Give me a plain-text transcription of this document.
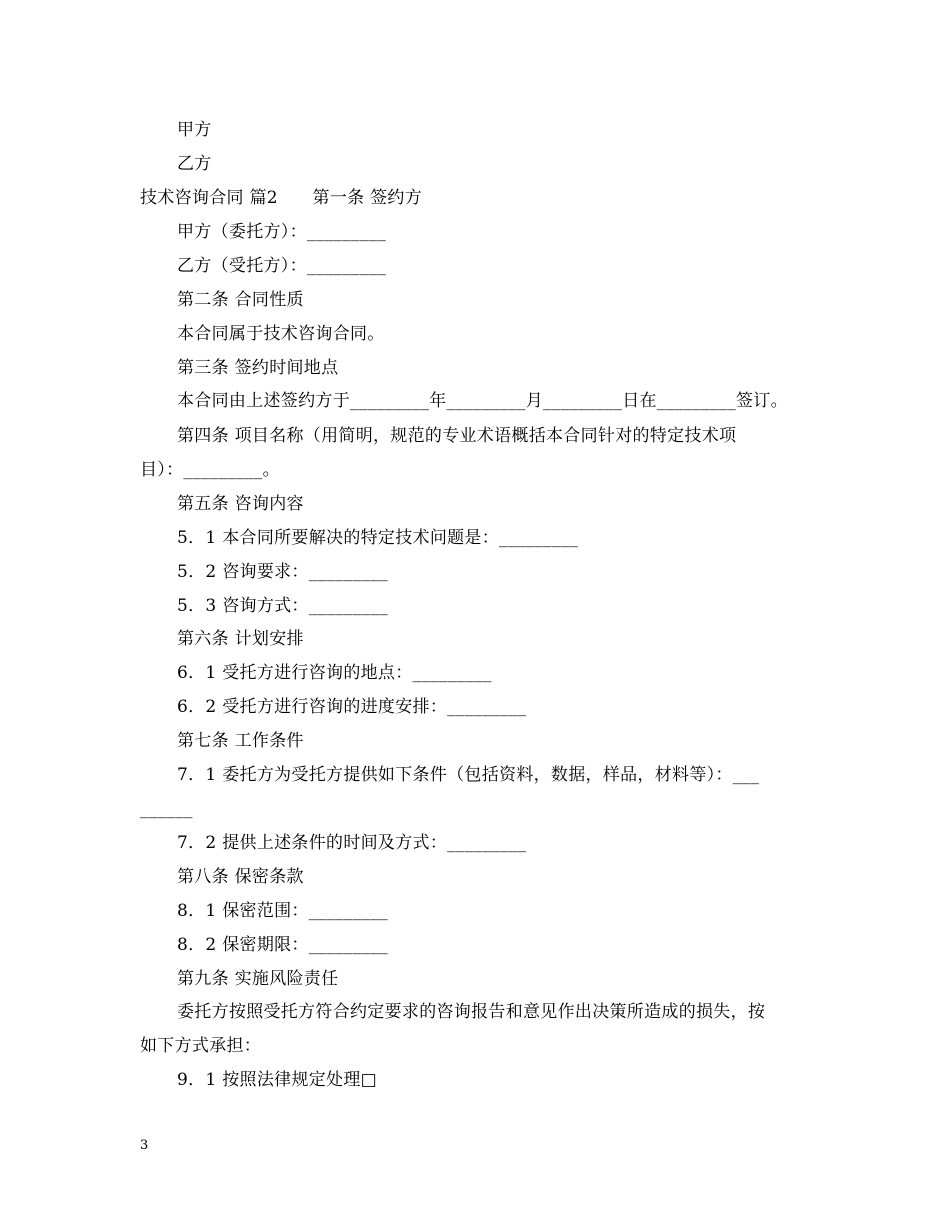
甲方
乙方
技术咨询合同 篇2　　第一条 签约方
甲方（委托方）：_________
乙方（受托方）：_________
第二条 合同性质
本合同属于技术咨询合同。
第三条 签约时间地点
本合同由上述签约方于_________年_________月_________日在_________签订。
第四条 项目名称（用简明，规范的专业术语概括本合同针对的特定技术项
目）：_________。
第五条 咨询内容
5．1 本合同所要解决的特定技术问题是：_________
5．2 咨询要求：_________
5．3 咨询方式：_________
第六条 计划安排
6．1 受托方进行咨询的地点：_________
6．2 受托方进行咨询的进度安排：_________
第七条 工作条件
7．1 委托方为受托方提供如下条件（包括资料，数据，样品，材料等）：___
______
7．2 提供上述条件的时间及方式：_________
第八条 保密条款
8．1 保密范围：_________
8．2 保密期限：_________
第九条 实施风险责任
委托方按照受托方符合约定要求的咨询报告和意见作出决策所造成的损失，按
如下方式承担：
9．1 按照法律规定处理□
3
